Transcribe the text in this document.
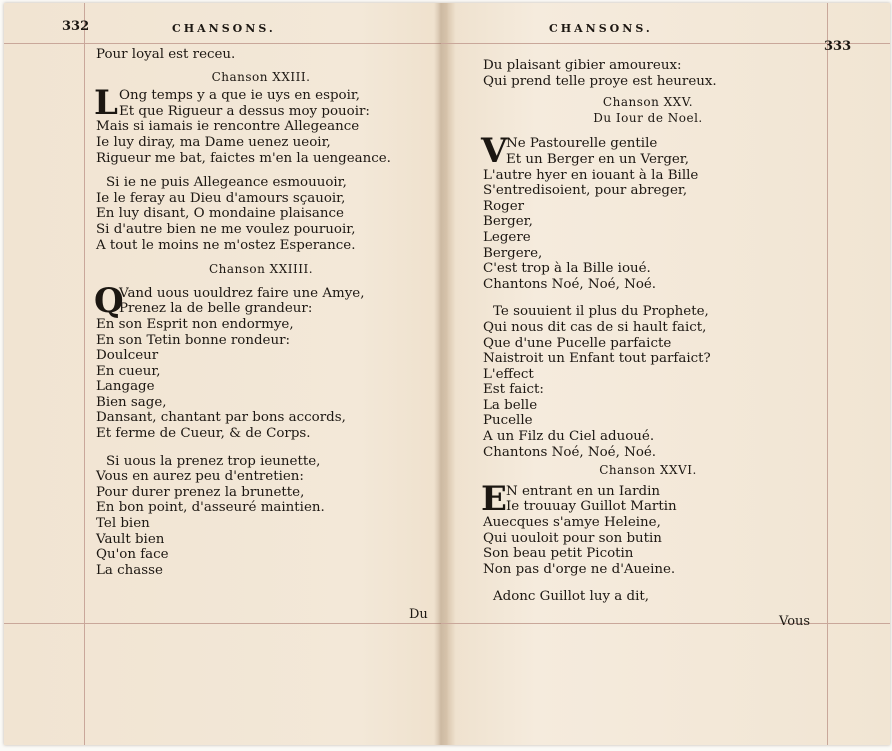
332	CHANSONS.
Pour loyal est receu.
Chanson XXIII.
L Ong temps y a que ie uys en espoir,
Et que Rigueur a dessus moy pouoir:
Mais si iamais ie rencontre Allegeance
Ie luy diray, ma Dame uenez ueoir,
Rigueur me bat, faictes m'en la uengeance.
Si ie ne puis Allegeance esmouuoir,
Ie le feray au Dieu d'amours sçauoir,
En luy disant, O mondaine plaisance
Si d'autre bien ne me voulez pouruoir,
A tout le moins ne m'ostez Esperance.
Chanson XXIIII.
Q
Vand uous uouldrez faire une Amye,
Prenez la de belle grandeur:
En son Esprit non endormye,
En son Tetin bonne rondeur:
Doulceur
En cueur,
Langage
Bien sage,
Dansant, chantant par bons accords,
Et ferme de Cueur, & de Corps.
Si uous la prenez trop ieunette,
Vous en aurez peu d'entretien:
Pour durer prenez la brunette,
En bon point, d'asseuré maintien.
Tel bien
Vault bien
Qu'on face
La chasse
Du
CHANSONS.
333
Du plaisant gibier amoureux:
Qui prend telle proye est heureux.
Chanson XXV.
Du Iour de Noel.
V
Ne Pastourelle gentile
Et un Berger en un Verger,
L'autre hyer en iouant à la Bille
S'entredisoient, pour abreger,
Roger
Berger,
Legere
Bergere,
C'est trop à la Bille ioué.
Chantons Noé, Noé, Noé.
Te souuient il plus du Prophete,
Qui nous dit cas de si hault faict,
Que d'une Pucelle parfaicte
Naistroit un Enfant tout parfaict?
L'effect
Est faict:
La belle
Pucelle
A un Filz du Ciel aduoué.
Chantons Noé, Noé, Noé.
Chanson XXVI.
E N entrant en un Iardin
Ie trouuay Guillot Martin
Auecques s'amye Heleine,
Qui uouloit pour son butin
Son beau petit Picotin
Non pas d'orge ne d'Aueine.
Adonc Guillot luy a dit,
Vous
